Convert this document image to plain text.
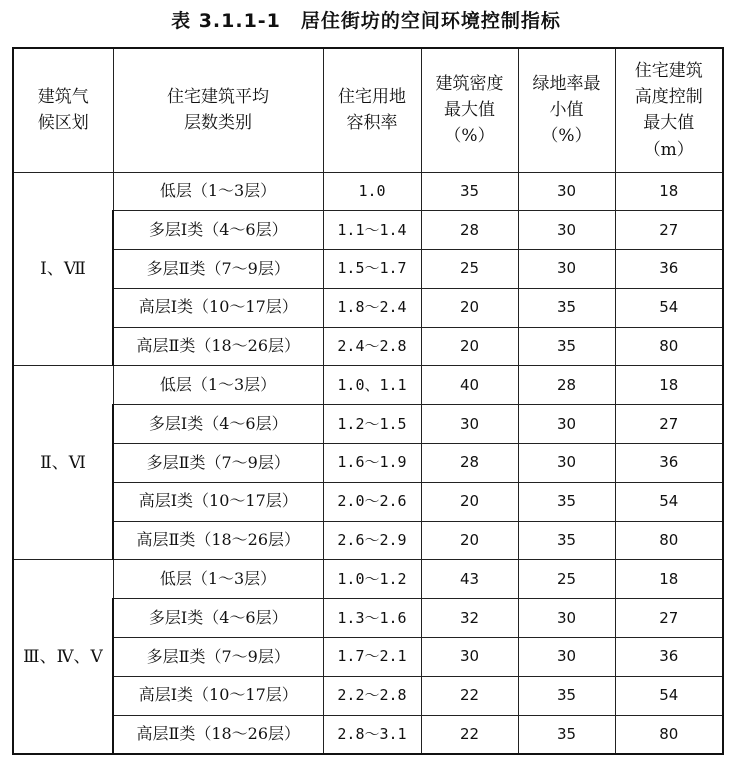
表 3.1.1-1　居住街坊的空间环境控制指标
建筑气候区划	住宅建筑平均层数类别	住宅用地容积率	建筑密度最大值（%）	绿地率最小值（%）	住宅建筑高度控制最大值（m）
Ⅰ、Ⅶ	低层（1～3层）	1.0	35	30	18
	多层Ⅰ类（4～6层）	1.1～1.4	28	30	27
	多层Ⅱ类（7～9层）	1.5～1.7	25	30	36
	高层Ⅰ类（10～17层）	1.8～2.4	20	35	54
	高层Ⅱ类（18～26层）	2.4～2.8	20	35	80
Ⅱ、Ⅵ	低层（1～3层）	1.0、1.1	40	28	18
	多层Ⅰ类（4～6层）	1.2～1.5	30	30	27
	多层Ⅱ类（7～9层）	1.6～1.9	28	30	36
	高层Ⅰ类（10～17层）	2.0～2.6	20	35	54
	高层Ⅱ类（18～26层）	2.6～2.9	20	35	80
Ⅲ、Ⅳ、Ⅴ	低层（1～3层）	1.0～1.2	43	25	18
	多层Ⅰ类（4～6层）	1.3～1.6	32	30	27
	多层Ⅱ类（7～9层）	1.7～2.1	30	30	36
	高层Ⅰ类（10～17层）	2.2～2.8	22	35	54
	高层Ⅱ类（18～26层）	2.8～3.1	22	35	80
